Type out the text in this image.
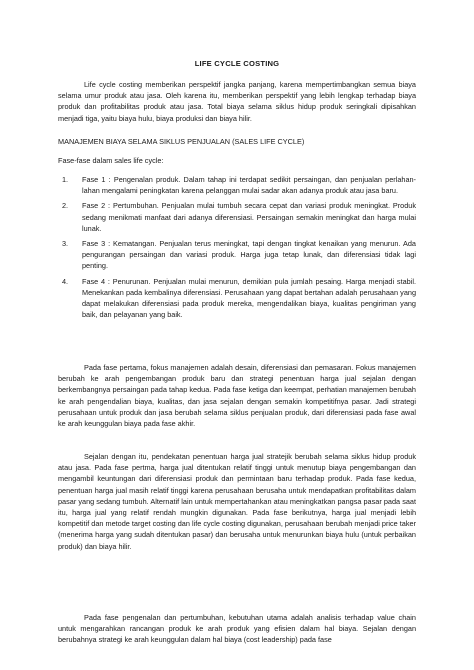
LIFE CYCLE COSTING

Life cycle costing memberikan perspektif jangka panjang, karena mempertimbangkan semua biaya selama umur produk atau jasa. Oleh karena itu, memberikan perspektif yang lebih lengkap terhadap biaya produk dan profitabilitas produk atau jasa. Total biaya selama siklus hidup produk seringkali dipisahkan menjadi tiga, yaitu biaya hulu, biaya produksi dan biaya hilir.

MANAJEMEN BIAYA SELAMA SIKLUS PENJUALAN (SALES LIFE CYCLE)
Fase-fase dalam sales life cycle:
1. Fase 1 : Pengenalan produk. Dalam tahap ini terdapat sedikit persaingan, dan penjualan perlahan-lahan mengalami peningkatan karena pelanggan mulai sadar akan adanya produk atau jasa baru.
2. Fase 2 : Pertumbuhan. Penjualan mulai tumbuh secara cepat dan variasi produk meningkat. Produk sedang menikmati manfaat dari adanya diferensiasi. Persaingan semakin meningkat dan harga mulai lunak.
3. Fase 3 : Kematangan. Penjualan terus meningkat, tapi dengan tingkat kenaikan yang menurun. Ada pengurangan persaingan dan variasi produk. Harga juga tetap lunak, dan diferensiasi tidak lagi penting.
4. Fase 4 : Penurunan. Penjualan mulai menurun, demikian pula jumlah pesaing. Harga menjadi stabil. Menekankan pada kembalinya diferensiasi. Perusahaan yang dapat bertahan adalah perusahaan yang dapat melakukan diferensiasi pada produk mereka, mengendalikan biaya, kualitas pengiriman yang baik, dan pelayanan yang baik.

Pada fase pertama, fokus manajemen adalah desain, diferensiasi dan pemasaran. Fokus manajemen berubah ke arah pengembangan produk baru dan strategi penentuan harga jual sejalan dengan berkembangnya persaingan pada tahap kedua. Pada fase ketiga dan keempat, perhatian manajemen berubah ke arah pengendalian biaya, kualitas, dan jasa sejalan dengan semakin kompetitifnya pasar. Jadi strategi perusahaan untuk produk dan jasa berubah selama siklus penjualan produk, dari diferensiasi pada fase awal ke arah keunggulan biaya pada fase akhir.

Sejalan dengan itu, pendekatan penentuan harga jual stratejik berubah selama siklus hidup produk atau jasa. Pada fase pertma, harga jual ditentukan relatif tinggi untuk menutup biaya pengembangan dan mengambil keuntungan dari diferensiasi produk dan permintaan baru terhadap produk. Pada fase kedua, penentuan harga jual masih relatif tinggi karena perusahaan berusaha untuk mendapatkan profitabilitas dalam pasar yang sedang tumbuh. Alternatif lain untuk mempertahankan atau meningkatkan pangsa pasar pada saat itu, harga jual yang relatif rendah mungkin digunakan. Pada fase berikutnya, harga jual menjadi lebih kompetitif dan metode target costing dan life cycle costing digunakan, perusahaan berubah menjadi price taker (menerima harga yang sudah ditentukan pasar) dan berusaha untuk menurunkan biaya hulu (untuk perbaikan produk) dan biaya hilir.

Pada fase pengenalan dan pertumbuhan, kebutuhan utama adalah analisis terhadap value chain untuk mengarahkan rancangan produk ke arah produk yang efisien dalam hal biaya. Sejalan dengan berubahnya strategi ke arah keunggulan dalam hal biaya (cost leadership) pada fase
